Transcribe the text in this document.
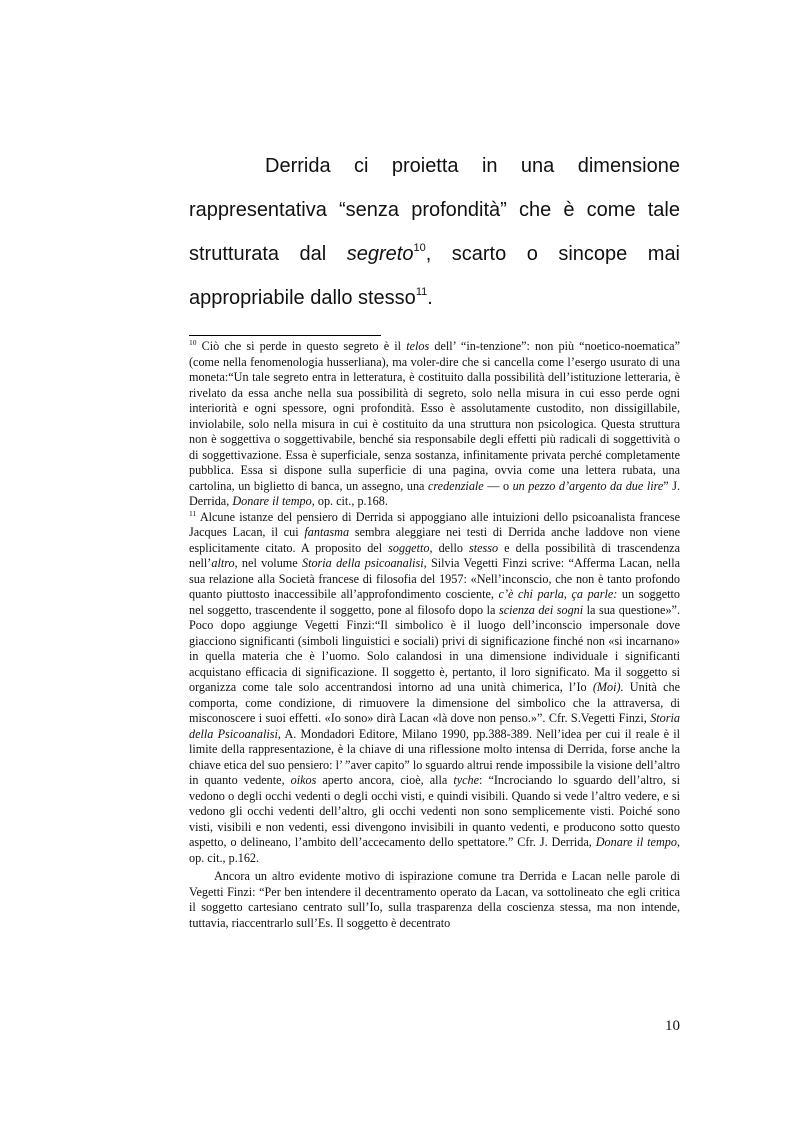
Derrida ci proietta in una dimensione rappresentativa “senza profondità” che è come tale strutturata dal segreto$^{10}$, scarto o sincope mai appropriabile dallo stesso$^{11}$.

$^{10}$ Ciò che si perde in questo segreto è il telos dell’ “in-tenzione”: non più “noetico-noematica” (come nella fenomenologia husserliana), ma voler-dire che si cancella come l’esergo usurato di una moneta:“Un tale segreto entra in letteratura, è costituito dalla possibilità dell’istituzione letteraria, è rivelato da essa anche nella sua possibilità di segreto, solo nella misura in cui esso perde ogni interiorità e ogni spessore, ogni profondità. Esso è assolutamente custodito, non dissigillabile, inviolabile, solo nella misura in cui è costituito da una struttura non psicologica. Questa struttura non è soggettiva o soggettivabile, benché sia responsabile degli effetti più radicali di soggettività o di soggettivazione. Essa è superficiale, senza sostanza, infinitamente privata perché completamente pubblica. Essa si dispone sulla superficie di una pagina, ovvia come una lettera rubata, una cartolina, un biglietto di banca, un assegno, una credenziale — o un pezzo d’argento da due lire” J. Derrida, Donare il tempo, op. cit., p.168.

$^{11}$ Alcune istanze del pensiero di Derrida si appoggiano alle intuizioni dello psicoanalista francese Jacques Lacan, il cui fantasma sembra aleggiare nei testi di Derrida anche laddove non viene esplicitamente citato. A proposito del soggetto, dello stesso e della possibilità di trascendenza nell’altro, nel volume Storia della psicoanalisi, Silvia Vegetti Finzi scrive: “Afferma Lacan, nella sua relazione alla Società francese di filosofia del 1957: «Nell’inconscio, che non è tanto profondo quanto piuttosto inaccessibile all’approfondimento cosciente, c’è chi parla, ça parle: un soggetto nel soggetto, trascendente il soggetto, pone al filosofo dopo la scienza dei sogni la sua questione»”. Poco dopo aggiunge Vegetti Finzi:“Il simbolico è il luogo dell’inconscio impersonale dove giacciono significanti (simboli linguistici e sociali) privi di significazione finché non «si incarnano» in quella materia che è l’uomo. Solo calandosi in una dimensione individuale i significanti acquistano efficacia di significazione. Il soggetto è, pertanto, il loro significato. Ma il soggetto si organizza come tale solo accentrandosi intorno ad una unità chimerica, l’Io (Moi). Unità che comporta, come condizione, di rimuovere la dimensione del simbolico che la attraversa, di misconoscere i suoi effetti. «Io sono» dirà Lacan «là dove non penso.»”. Cfr. S.Vegetti Finzi, Storia della Psicoanalisi, A. Mondadori Editore, Milano 1990, pp.388-389. Nell’idea per cui il reale è il limite della rappresentazione, è la chiave di una riflessione molto intensa di Derrida, forse anche la chiave etica del suo pensiero: l’ ”aver capito” lo sguardo altrui rende impossibile la visione dell’altro in quanto vedente, oikos aperto ancora, cioè, alla tyche: “Incrociando lo sguardo dell’altro, si vedono o degli occhi vedenti o degli occhi visti, e quindi visibili. Quando si vede l’altro vedere, e si vedono gli occhi vedenti dell’altro, gli occhi vedenti non sono semplicemente visti. Poiché sono visti, visibili e non vedenti, essi divengono invisibili in quanto vedenti, e producono sotto questo aspetto, o delineano, l’ambito dell’accecamento dello spettatore.” Cfr. J. Derrida, Donare il tempo, op. cit., p.162.

Ancora un altro evidente motivo di ispirazione comune tra Derrida e Lacan nelle parole di Vegetti Finzi: “Per ben intendere il decentramento operato da Lacan, va sottolineato che egli critica il soggetto cartesiano centrato sull’Io, sulla trasparenza della coscienza stessa, ma non intende, tuttavia, riaccentrarlo sull’Es. Il soggetto è decentrato

10
